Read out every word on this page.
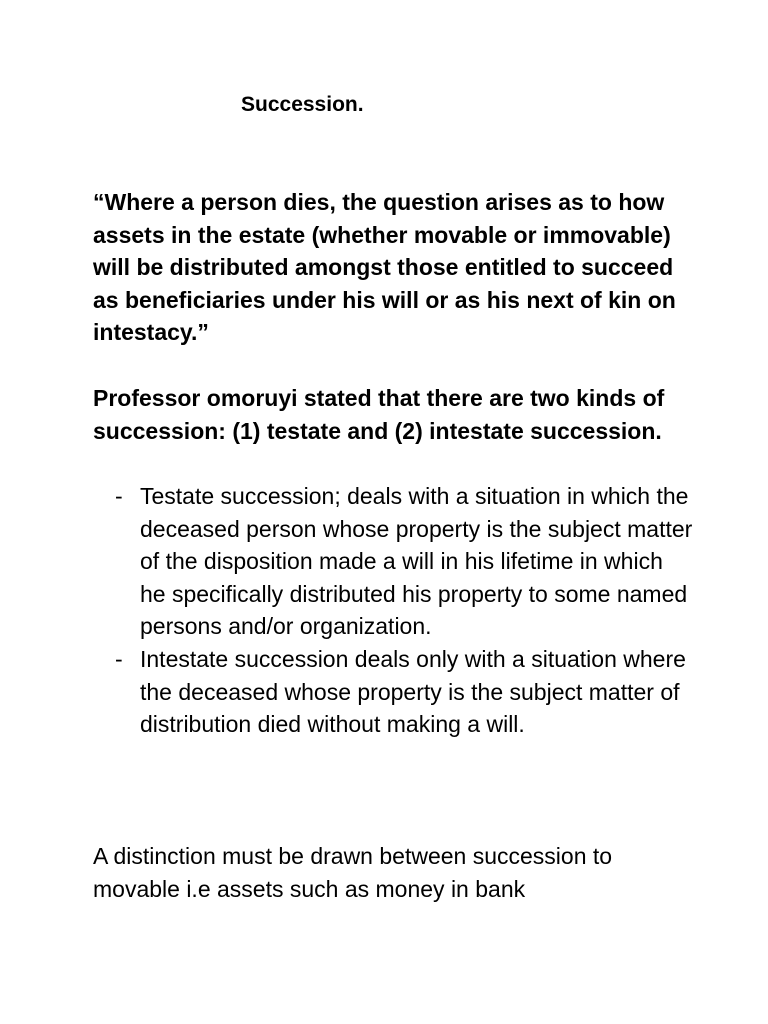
Succession.

“Where a person dies, the question arises as to how assets in the estate (whether movable or immovable) will be distributed amongst those entitled to succeed as beneficiaries under his will or as his next of kin on intestacy.”

Professor omoruyi stated that there are two kinds of succession: (1) testate and (2) intestate succession.

- Testate succession; deals with a situation in which the deceased person whose property is the subject matter of the disposition made a will in his lifetime in which he specifically distributed his property to some named persons and/or organization.
- Intestate succession deals only with a situation where the deceased whose property is the subject matter of distribution died without making a will.

A distinction must be drawn between succession to movable i.e assets such as money in bank
